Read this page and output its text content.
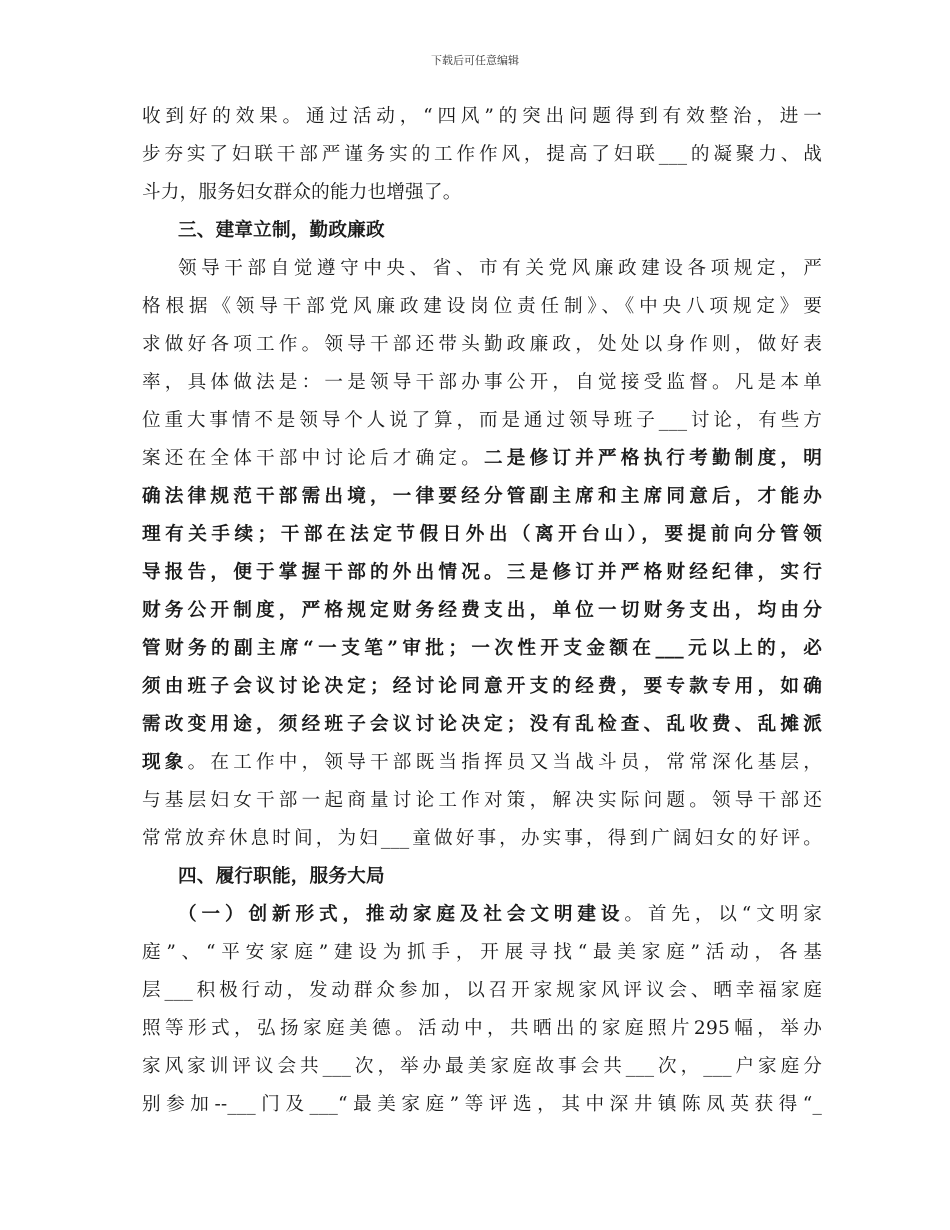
下载后可任意编辑
收到好的效果。通过活动，“四风”的突出问题得到有效整治，进一
步夯实了妇联干部严谨务实的工作作风，提高了妇联___的凝聚力、战
斗力，服务妇女群众的能力也增强了。
三、建章立制，勤政廉政
领导干部自觉遵守中央、省、市有关党风廉政建设各项规定，严
格根据《领导干部党风廉政建设岗位责任制》、《中央八项规定》要
求做好各项工作。领导干部还带头勤政廉政，处处以身作则，做好表
率，具体做法是：一是领导干部办事公开，自觉接受监督。凡是本单
位重大事情不是领导个人说了算，而是通过领导班子___讨论，有些方
案还在全体干部中讨论后才确定。二是修订并严格执行考勤制度，明
确法律规范干部需出境，一律要经分管副主席和主席同意后，才能办
理有关手续；干部在法定节假日外出（离开台山），要提前向分管领
导报告，便于掌握干部的外出情况。三是修订并严格财经纪律，实行
财务公开制度，严格规定财务经费支出，单位一切财务支出，均由分
管财务的副主席“一支笔”审批；一次性开支金额在___元以上的，必
须由班子会议讨论决定；经讨论同意开支的经费，要专款专用，如确
需改变用途，须经班子会议讨论决定；没有乱检查、乱收费、乱摊派
现象。在工作中，领导干部既当指挥员又当战斗员，常常深化基层，
与基层妇女干部一起商量讨论工作对策，解决实际问题。领导干部还
常常放弃休息时间，为妇___童做好事，办实事，得到广阔妇女的好评。
四、履行职能，服务大局
（一）创新形式，推动家庭及社会文明建设。首先，以“文明家
庭”、“平安家庭”建设为抓手，开展寻找“最美家庭”活动，各基
层___积极行动，发动群众参加，以召开家规家风评议会、晒幸福家庭
照等形式，弘扬家庭美德。活动中，共晒出的家庭照片295幅，举办
家风家训评议会共___次，举办最美家庭故事会共___次，___户家庭分
别参加--___门及___“最美家庭”等评选，其中深井镇陈凤英获得“_
